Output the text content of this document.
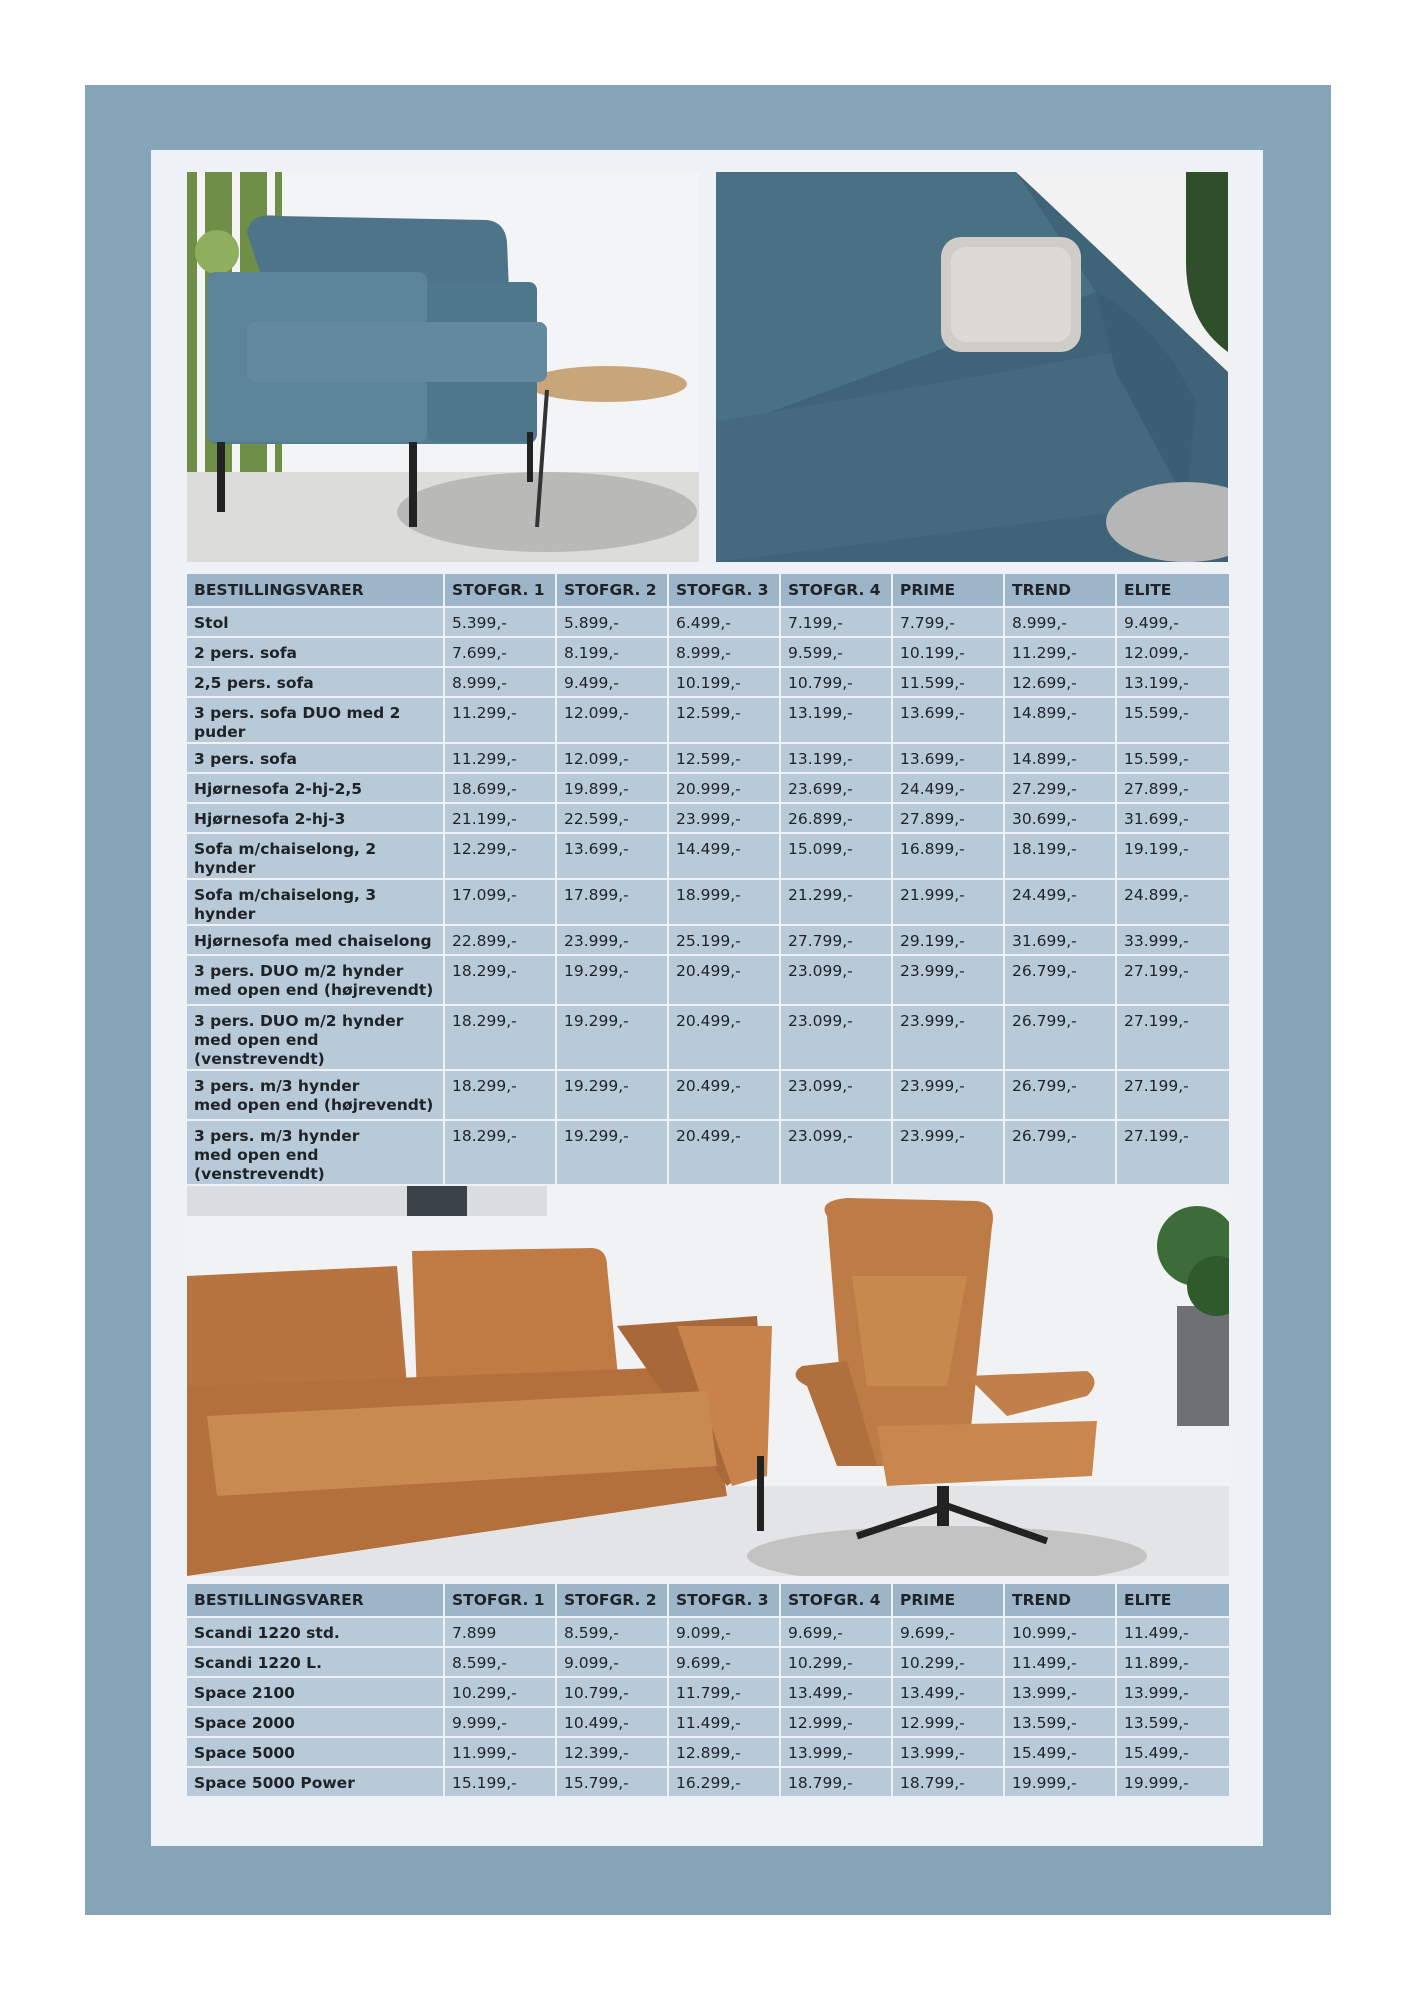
BESTILLINGSVARER	STOFGR. 1	STOFGR. 2	STOFGR. 3	STOFGR. 4	PRIME	TREND	ELITE

Stol	5.399,-	5.899,-	6.499,-	7.199,-	7.799,-	8.999,-	9.499,-

2 pers. sofa	7.699,-	8.199,-	8.999,-	9.599,-	10.199,-	11.299,-	12.099,-

2,5 pers. sofa	8.999,-	9.499,-	10.199,-	10.799,-	11.599,-	12.699,-	13.199,-

3 pers. sofa DUO med 2 puder	11.299,-	12.099,-	12.599,-	13.199,-	13.699,-	14.899,-	15.599,-

3 pers. sofa	11.299,-	12.099,-	12.599,-	13.199,-	13.699,-	14.899,-	15.599,-

Hjørnesofa 2-hj-2,5	18.699,-	19.899,-	20.999,-	23.699,-	24.499,-	27.299,-	27.899,-

Hjørnesofa 2-hj-3	21.199,-	22.599,-	23.999,-	26.899,-	27.899,-	30.699,-	31.699,-

Sofa m/chaiselong, 2 hynder	12.299,-	13.699,-	14.499,-	15.099,-	16.899,-	18.199,-	19.199,-

Sofa m/chaiselong, 3 hynder	17.099,-	17.899,-	18.999,-	21.299,-	21.999,-	24.499,-	24.899,-

Hjørnesofa med chaiselong	22.899,-	23.999,-	25.199,-	27.799,-	29.199,-	31.699,-	33.999,-

3 pers. DUO m/2 hynder
med open end (højrevendt)	18.299,-	19.299,-	20.499,-	23.099,-	23.999,-	26.799,-	27.199,-

3 pers. DUO m/2 hynder
med open end (venstrevendt)	18.299,-	19.299,-	20.499,-	23.099,-	23.999,-	26.799,-	27.199,-

3 pers. m/3 hynder
med open end (højrevendt)	18.299,-	19.299,-	20.499,-	23.099,-	23.999,-	26.799,-	27.199,-

3 pers. m/3 hynder
med open end (venstrevendt)	18.299,-	19.299,-	20.499,-	23.099,-	23.999,-	26.799,-	27.199,-

BESTILLINGSVARER	STOFGR. 1	STOFGR. 2	STOFGR. 3	STOFGR. 4	PRIME	TREND	ELITE

Scandi 1220 std.	7.899	8.599,-	9.099,-	9.699,-	9.699,-	10.999,-	11.499,-

Scandi 1220 L.	8.599,-	9.099,-	9.699,-	10.299,-	10.299,-	11.499,-	11.899,-

Space 2100	10.299,-	10.799,-	11.799,-	13.499,-	13.499,-	13.999,-	13.999,-

Space 2000	9.999,-	10.499,-	11.499,-	12.999,-	12.999,-	13.599,-	13.599,-

Space 5000	11.999,-	12.399,-	12.899,-	13.999,-	13.999,-	15.499,-	15.499,-

Space 5000 Power	15.199,-	15.799,-	16.299,-	18.799,-	18.799,-	19.999,-	19.999,-
